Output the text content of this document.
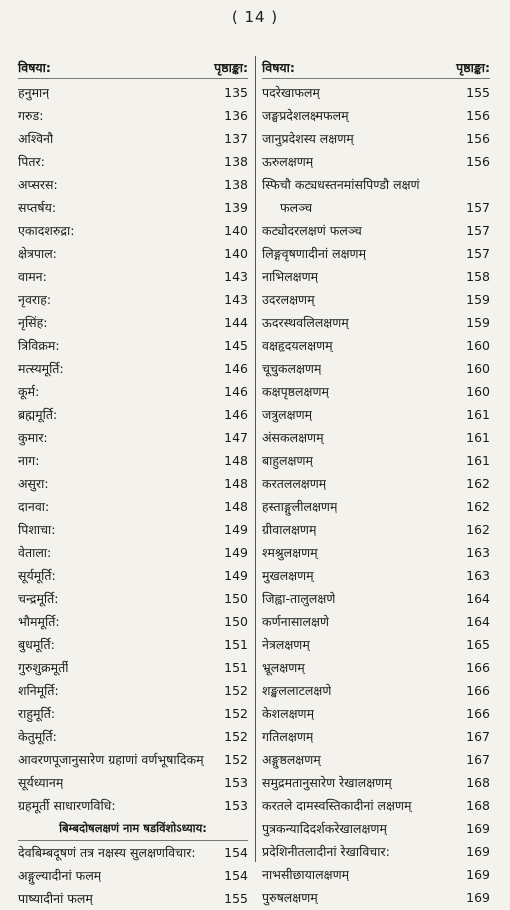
( 14 )
विषया:	पृष्ठाङ्का:
हनुमान्	135
गरुड:	136
अश्विनौ	137
पितर:	138
अप्सरस:	138
सप्तर्षय:	139
एकादशरुद्रा:	140
क्षेत्रपाल:	140
वामन:	143
नृवराह:	143
नृसिंह:	144
त्रिविक्रम:	145
मत्स्यमूर्ति:	146
कूर्म:	146
ब्रह्ममूर्ति:	146
कुमार:	147
नाग:	148
असुरा:	148
दानवा:	148
पिशाचा:	149
वेताला:	149
सूर्यमूर्ति:	149
चन्द्रमूर्ति:	150
भौममूर्ति:	150
बुधमूर्ति:	151
गुरुशुक्रमूर्ती	151
शनिमूर्ति:	152
राहुमूर्ति:	152
केतुमूर्ति:	152
आवरणपूजानुसारेण ग्रहाणां वर्णभूषादिकम्	152
सूर्यध्यानम्	153
ग्रहमूर्ती साधारणविधि:	153
बिम्बदोषलक्षणं नाम षडविंशोऽध्याय:
देवबिम्बदूषणं तत्र नक्षस्य सुलक्षणविचार:	154
अङ्गुल्यादीनां फलम्	154
पाष्यादीनां फलम्	155
विषया:	पृष्ठाङ्का:
पदरेखाफलम्	155
जङ्घप्रदेशलक्ष्मफलम्	156
जानुप्रदेशस्य लक्षणम्	156
ऊरुलक्षणम्	156
स्फिचौ कट्यधस्तनमांसपिण्डौ लक्षणं
फलञ्च	157
कट्योदरलक्षणं फलञ्च	157
लिङ्गवृषणादीनां लक्षणम्	157
नाभिलक्षणम्	158
उदरलक्षणम्	159
ऊदरस्थवलिलक्षणम्	159
वक्षहृदयलक्षणम्	160
चूचुकलक्षणम्	160
कक्षपृष्ठलक्षणम्	160
जत्रुलक्षणम्	161
अंसकलक्षणम्	161
बाहुलक्षणम्	161
करतललक्षणम्	162
हस्ताङ्गुलीलक्षणम्	162
ग्रीवालक्षणम्	162
श्मश्रुलक्षणम्	163
मुखलक्षणम्	163
जिह्वा-तालुलक्षणे	164
कर्णनासालक्षणे	164
नेत्रलक्षणम्	165
भ्रूलक्षणम्	166
शङ्खललाटलक्षणे	166
केशलक्षणम्	166
गतिलक्षणम्	167
अङ्गुष्ठलक्षणम्	167
समुद्रमतानुसारेण रेखालक्षणम्	168
करतले दामस्वस्तिकादीनां लक्षणम्	168
पुत्रकन्यादिदर्शकरेखालक्षणम्	169
प्रदेशिनीतलादीनां रेखाविचार:	169
नाभसीछायालक्षणम्	169
पुरुषलक्षणम्	169
